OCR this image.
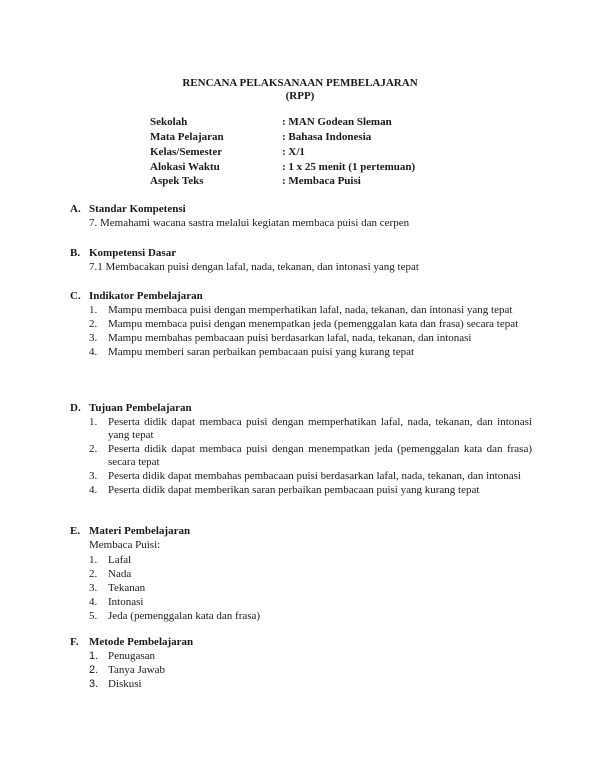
RENCANA PELAKSANAAN PEMBELAJARAN
(RPP)
Sekolah	: MAN Godean Sleman
Mata Pelajaran	: Bahasa Indonesia
Kelas/Semester	: X/1
Alokasi Waktu	: 1 x 25 menit (1 pertemuan)
Aspek Teks	: Membaca Puisi
A. Standar Kompetensi
7. Memahami wacana sastra melalui kegiatan membaca puisi dan cerpen
B. Kompetensi Dasar
7.1 Membacakan puisi dengan lafal, nada, tekanan, dan intonasi yang tepat
C. Indikator Pembelajaran
1. Mampu membaca puisi dengan memperhatikan lafal, nada, tekanan, dan intonasi yang tepat
2. Mampu membaca puisi dengan menempatkan jeda (pemenggalan kata dan frasa) secara tepat
3. Mampu membahas pembacaan puisi berdasarkan lafal, nada, tekanan, dan intonasi
4. Mampu memberi saran perbaikan pembacaan puisi yang kurang tepat
D. Tujuan Pembelajaran
1. Peserta didik dapat membaca puisi dengan memperhatikan lafal, nada, tekanan, dan intonasi yang tepat
2. Peserta didik dapat membaca puisi dengan menempatkan jeda (pemenggalan kata dan frasa) secara tepat
3. Peserta didik dapat membahas pembacaan puisi berdasarkan lafal, nada, tekanan, dan intonasi
4. Peserta didik dapat memberikan saran perbaikan pembacaan puisi yang kurang tepat
E. Materi Pembelajaran
Membaca Puisi:
1. Lafal
2. Nada
3. Tekanan
4. Intonasi
5. Jeda (pemenggalan kata dan frasa)
F. Metode Pembelajaran
1. Penugasan
2. Tanya Jawab
3. Diskusi
